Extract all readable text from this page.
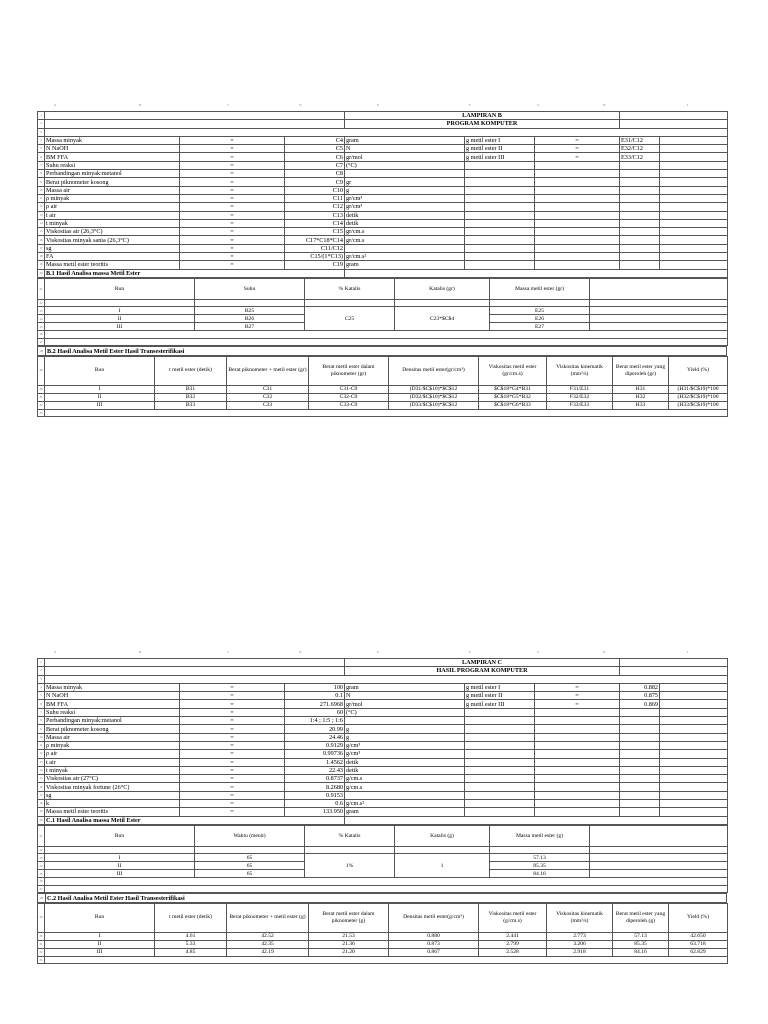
A	B	C	D	E	F	G	H	I
1				LAMPIRAN B				
2				PROGRAM KOMPUTER				
3								
4	Massa minyak	=	C4	gram	g metil ester I	=	E31/C12	
5	N NaOH	=	C5	N	g metil ester II	=	E32/C12	
6	BM FFA	=	C6	gr/mol	g metil ester III	=	E33/C12	
7	Suhu reaksi	=	C7	(°C)				
8	Perbandingan minyak:metanol	=	C8					
9	Berat piknometer kosong	=	C9	gr				
10	Massa air	=	C10	g				
11	ρ minyak	=	C11	gr/cm³				
12	ρ air	=	C12	gr/cm³				
13	t air	=	C13	detik				
14	t minyak	=	C14	detik				
15	Viskositas air (26,3°C)	=	C15	gr/cm.s				
16	Viskositas minyak sania (26,3°C)	=	C17*C18*C14	gr/cm.s				
17	sg	=	C11/C12					
18	FA	=	C15/(1*C13)	gr/cm.s²				
19	Massa metil ester teoritis	=	C19	gram				
20	B.1 Hasil Analisa massa Metil Ester							
21	Run	Suhu	% Katalis	Katalis (gr)	Massa metil ester (gr)	
22						
23	I	B25	C25	C23*$C$4	E25	
24	II	B26			E26	
25	III	B27			E27	
26						
27						
28	B.2 Hasil Analisa Metil Ester Hasil Transesterifikasi
29	Run	t metil ester (detik)	Berat piknometer + metil ester (gr)	Berat metil ester dalam piknometer (gr)	Densitas metil ester(gr/cm³)	Viskositas metil ester (gr/cm.s)	Viskositas kinematik (mm²/s)	Berat metil ester yang diperoleh (gr)	Yield (%)
30	I	B31	C31	C31-C9	(D31/$C$10)*$C$12	$C$18*G4*B31	F31/E31	H31	(H31/$C$19)*100
31	II	B32	C32	C32-C9	(D32/$C$10)*$C$12	$C$18*G5*B32	F32/E32	H32	(H32/$C$19)*100
32	III	B33	C33	C33-C9	(D33/$C$10)*$C$12	$C$18*G6*B33	F33/E33	H33	(H33/$C$19)*100
33									
A	B	C	D	E	F	G	H	I
1				LAMPIRAN C				
2				HASIL PROGRAM KOMPUTER				
3								
4	Massa minyak	=	100	gram	g metil ester I	=	0.882	
5	N NaOH	=	0.1	N	g metil ester II	=	0.875	
6	BM FFA	=	271.6968	gr/mol	g metil ester III	=	0.869	
7	Suhu reaksi	=	60	(°C)				
8	Perbandingan minyak:metanol	=	1:4 ; 1:5 ; 1:6					
9	Berat piknometer kosong	=	20.99	g				
10	Massa air	=	24.46	g				
11	ρ minyak	=	0.9129	g/cm³				
12	ρ air	=	0.99736	g/cm³				
13	t air	=	1.4562	detik				
14	t minyak	=	22.43	detik				
15	Viskositas air (27°C)	=	0.8737	g/cm.s				
16	Viskositas minyak fortune (26°C)	=	8.2680	g/cm.s				
17	sg	=	0.9153					
18	k	=	0.6	g/cm.s²				
19	Massa metil ester teoritis	=	133.950	gram				
20	C.1 Hasil Analisa massa Metil Ester							
21	Run	Waktu (menit)	% Katalis	Katalis (g)	Massa metil ester (g)	
22						
23	I	65	1%	1	57.13	
24	II	65			85.35	
25	III	65			84.16	
26						
27						
28	C.2 Hasil Analisa Metil Ester Hasil Transesterifikasi
29	Run	t metil ester (detik)	Berat piknometer + metil ester (g)	Berat metil ester dalam piknometer (g)	Densitas metil ester(g/cm³)	Viskositas metil ester (g/cm.s)	Viskositas kinematik (mm²/s)	Berat metil ester yang diperoleh (g)	Yield (%)
30	I	4.61	42.52	21.53	0.880	2.441	2.773	57.13	42.650
31	II	5.33	42.35	21.36	0.873	2.799	3.206	85.35	63.718
32	III	4.85	42.19	21.20	0.867	2.528	2.918	84.16	62.829
33									
